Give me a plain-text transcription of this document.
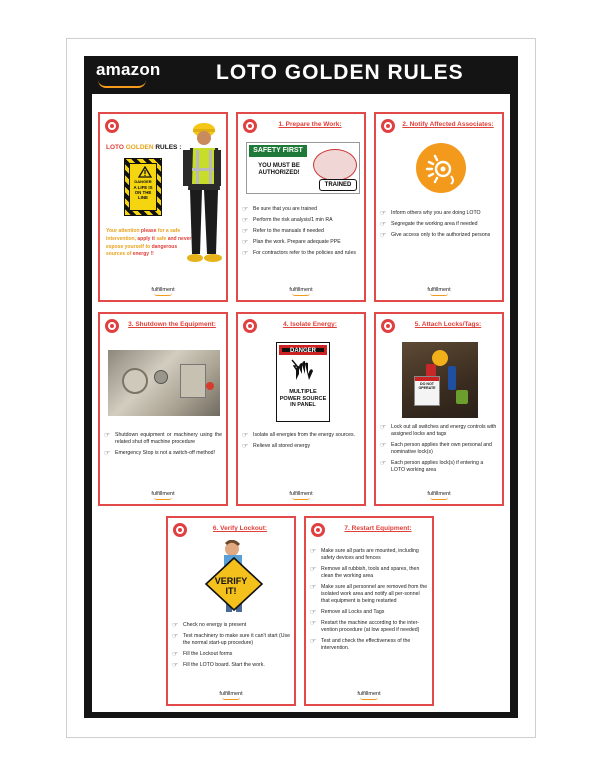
amazon	LOTO GOLDEN RULES
LOTO GOLDEN RULES :
DANGER
A LIFE IS ON THE LINE
Your attention please for a safe intervention, apply it safe and never expose yourself to dangerous sources of energy !!
fulfillment
1. Prepare the Work:
SAFETY FIRST
YOU MUST BE AUTHORIZED!
TRAINED
☞ Be sure that you are trained
☞ Perform the risk analysis/1 min RA
☞ Refer to the manuals if needed
☞ Plan the work. Prepare adequate PPE
☞ For contractors refer to the policies and rules
fulfillment
2. Notify Affected Associates:
☞ Inform others why you are doing LOTO
☞ Segregate the working area if needed
☞ Give access only to the authorized persons
fulfillment
3. Shutdown the Equipment:
☞ Shutdown equipment or machinery using the related shut off machine procedure
☞ Emergency Stop is not a switch-off method!
fulfillment
4. Isolate Energy:
DANGER
MULTIPLE POWER SOURCE IN PANEL
☞ Isolate all energies from the energy sources.
☞ Relieve all stored energy
fulfillment
5. Attach Locks/Tags:
DO NOT
OPERATE
☞ Lock out all switches and energy controls with assigned locks and tags
☞ Each person applies their own personal and nominative lock(s)
☞ Each person applies lock(s) if entering a LOTO working area
fulfillment
6. Verify Lockout:
VERIFY
IT!
☞ Check no energy is present
☞ Test machinery to make sure it can't start (Use the normal start-up procedure)
☞ Fill the Lockout forms
☞ Fill the LOTO board. Start the work.
fulfillment
7. Restart Equipment:
☞ Make sure all parts are mounted, including safety devices and fences
☞ Remove all rubbish, tools and spares, then clean the working area
☞ Make sure all personnel are removed from the isolated work area and notify all per-sonnel that equipment is being restarted
☞ Remove all Locks and Tags
☞ Restart the machine according to the inter-vention procedure (at low speed if needed)
☞ Test and check the effectiveness of the intervention.
fulfillment
